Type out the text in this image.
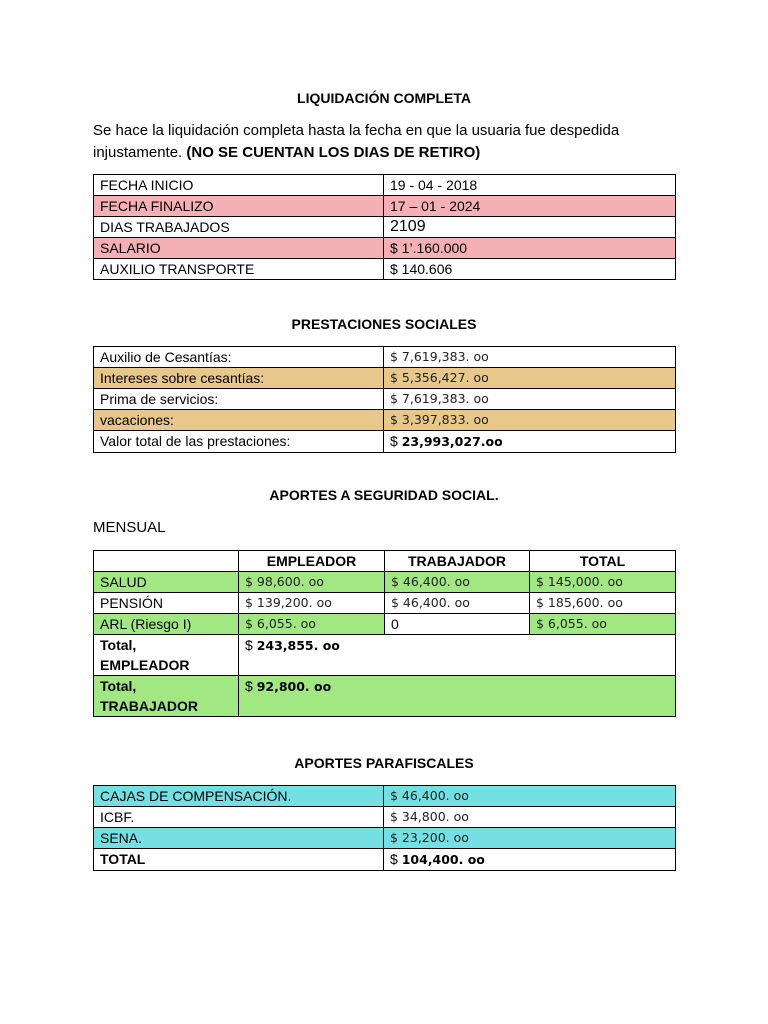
LIQUIDACIÓN COMPLETA
Se hace la liquidación completa hasta la fecha en que la usuaria fue despedida injustamente. (NO SE CUENTAN LOS DIAS DE RETIRO)
FECHA INICIO	19 - 04 - 2018
FECHA FINALIZO	17 – 01 - 2024
DIAS TRABAJADOS	2109
SALARIO	$ 1’.160.000
AUXILIO TRANSPORTE	$ 140.606
PRESTACIONES SOCIALES
Auxilio de Cesantías:	$ 7,619,383. oo
Intereses sobre cesantías:	$ 5,356,427. oo
Prima de servicios:	$ 7,619,383. oo
vacaciones:	$ 3,397,833. oo
Valor total de las prestaciones:	$ 23,993,027.oo
APORTES A SEGURIDAD SOCIAL.
MENSUAL
	EMPLEADOR	TRABAJADOR	TOTAL
SALUD	$ 98,600. oo	$ 46,400. oo	$ 145,000. oo
PENSIÓN	$ 139,200. oo	$ 46,400. oo	$ 185,600. oo
ARL (Riesgo I)	$ 6,055. oo	0	$ 6,055. oo
Total,
EMPLEADOR	$ 243,855. oo		
Total,
TRABAJADOR	$ 92,800. oo		
APORTES PARAFISCALES
CAJAS DE COMPENSACIÓN.	$ 46,400. oo
ICBF.	$ 34,800. oo
SENA.	$ 23,200. oo
TOTAL	$ 104,400. oo
